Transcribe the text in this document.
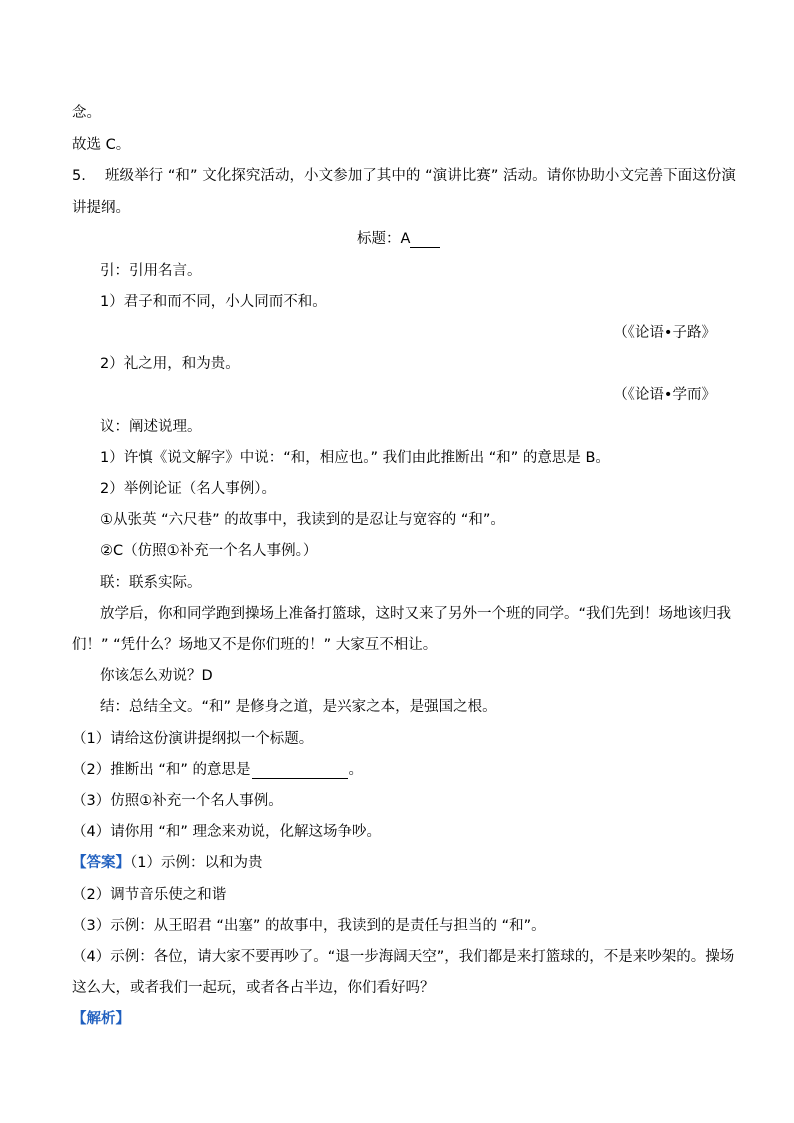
念。
故选 C。
5. 班级举行 “和” 文化探究活动，小文参加了其中的 “演讲比赛” 活动。请你协助小文完善下面这份演
讲提纲。
标题：A
引：引用名言。
1）君子和而不同，小人同而不和。
（《论语•子路》
2）礼之用，和为贵。
（《论语•学而》
议：阐述说理。
1）许慎《说文解字》中说：“和，相应也。” 我们由此推断出 “和” 的意思是 B。
2）举例论证（名人事例）。
①从张英 “六尺巷” 的故事中，我读到的是忍让与宽容的 “和”。
②C（仿照①补充一个名人事例。）
联：联系实际。
放学后，你和同学跑到操场上准备打篮球，这时又来了另外一个班的同学。“我们先到！场地该归我
们！” “凭什么？场地又不是你们班的！” 大家互不相让。
你该怎么劝说？D
结：总结全文。“和” 是修身之道，是兴家之本，是强国之根。
（1）请给这份演讲提纲拟一个标题。
（2）推断出 “和” 的意思是	。
（3）仿照①补充一个名人事例。
（4）请你用 “和” 理念来劝说，化解这场争吵。
【答案】（1）示例：以和为贵
（2）调节音乐使之和谐
（3）示例：从王昭君 “出塞” 的故事中，我读到的是责任与担当的 “和”。
（4）示例：各位，请大家不要再吵了。“退一步海阔天空”，我们都是来打篮球的，不是来吵架的。操场
这么大，或者我们一起玩，或者各占半边，你们看好吗？
【解析】
